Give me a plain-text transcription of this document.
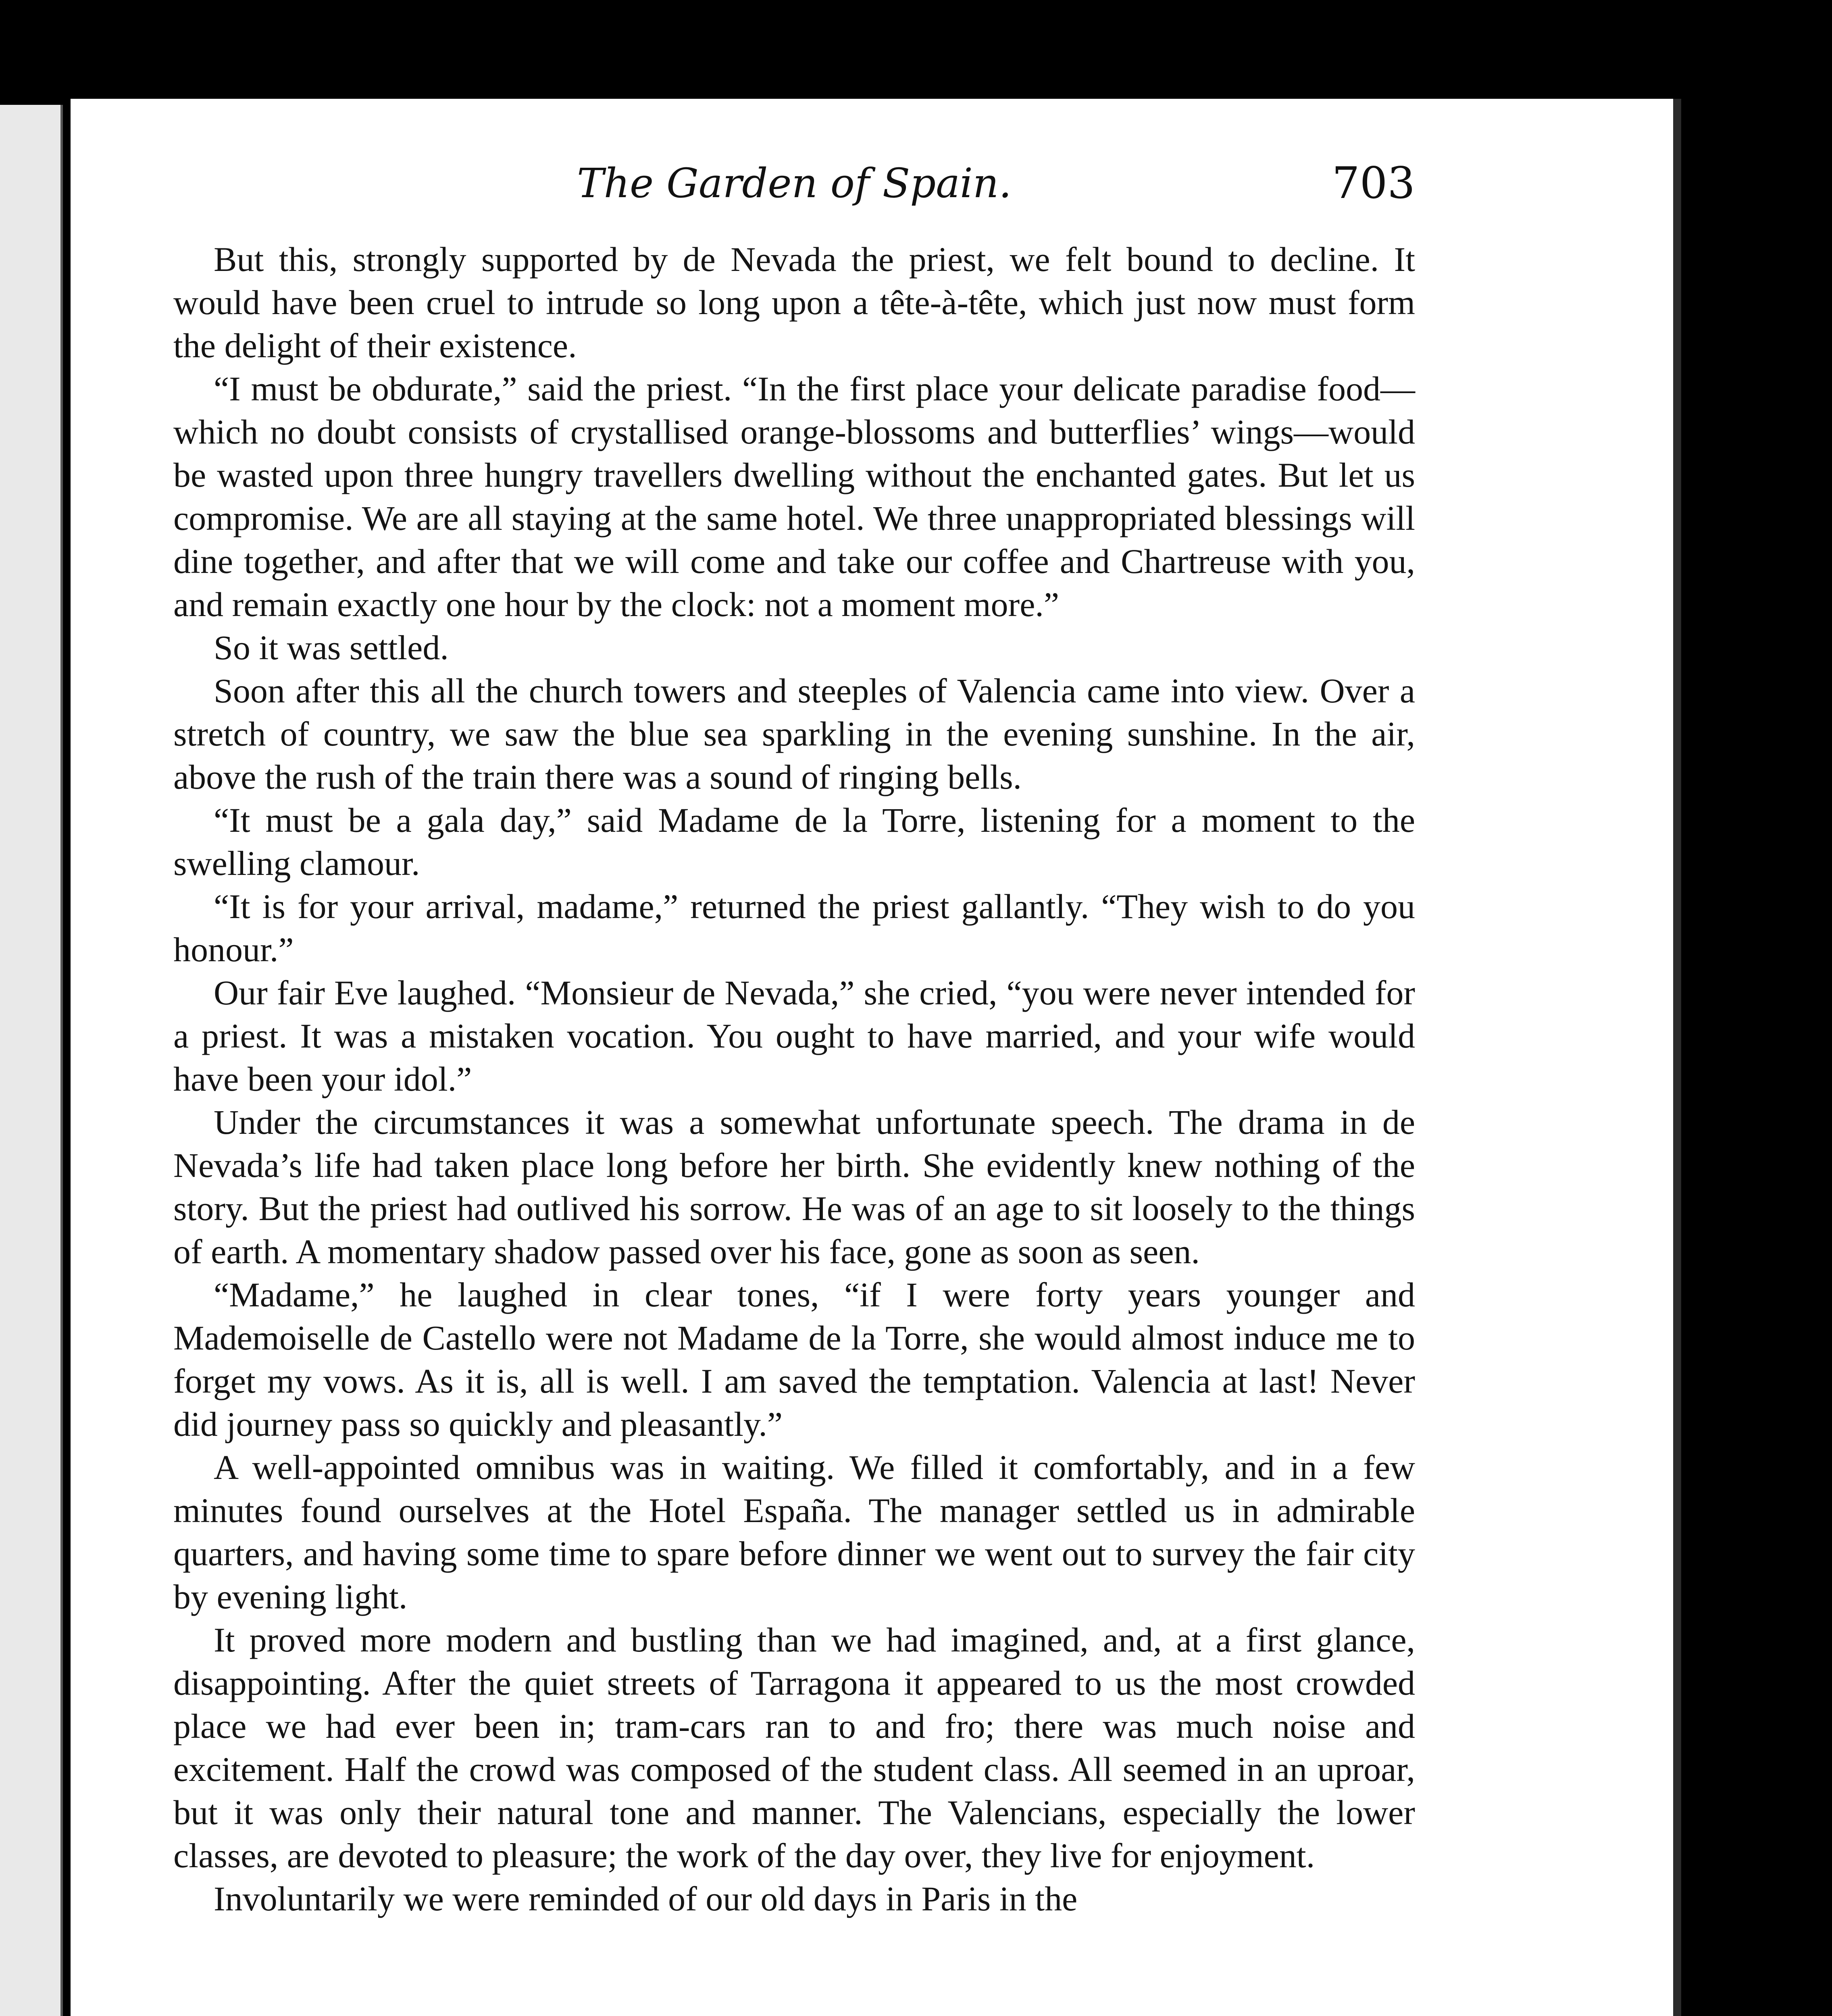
The Garden of Spain.	703

But this, strongly supported by de Nevada the priest, we felt bound to decline. It would have been cruel to intrude so long upon a tête-à-tête, which just now must form the delight of their existence.

“I must be obdurate,” said the priest. “In the first place your delicate paradise food—which no doubt consists of crystallised orange-blossoms and butterflies’ wings—would be wasted upon three hungry travellers dwelling without the enchanted gates. But let us compromise. We are all staying at the same hotel. We three unappropriated blessings will dine together, and after that we will come and take our coffee and Chartreuse with you, and remain exactly one hour by the clock: not a moment more.”

So it was settled.

Soon after this all the church towers and steeples of Valencia came into view. Over a stretch of country, we saw the blue sea sparkling in the evening sunshine. In the air, above the rush of the train there was a sound of ringing bells.

“It must be a gala day,” said Madame de la Torre, listening for a moment to the swelling clamour.

“It is for your arrival, madame,” returned the priest gallantly. “They wish to do you honour.”

Our fair Eve laughed. “Monsieur de Nevada,” she cried, “you were never intended for a priest. It was a mistaken vocation. You ought to have married, and your wife would have been your idol.”

Under the circumstances it was a somewhat unfortunate speech. The drama in de Nevada’s life had taken place long before her birth. She evidently knew nothing of the story. But the priest had outlived his sorrow. He was of an age to sit loosely to the things of earth. A momentary shadow passed over his face, gone as soon as seen.

“Madame,” he laughed in clear tones, “if I were forty years younger and Mademoiselle de Castello were not Madame de la Torre, she would almost induce me to forget my vows. As it is, all is well. I am saved the temptation. Valencia at last! Never did journey pass so quickly and pleasantly.”

A well-appointed omnibus was in waiting. We filled it comfortably, and in a few minutes found ourselves at the Hotel España. The manager settled us in admirable quarters, and having some time to spare before dinner we went out to survey the fair city by evening light.

It proved more modern and bustling than we had imagined, and, at a first glance, disappointing. After the quiet streets of Tarragona it appeared to us the most crowded place we had ever been in; tram-cars ran to and fro; there was much noise and excitement. Half the crowd was composed of the student class. All seemed in an uproar, but it was only their natural tone and manner. The Valencians, especially the lower classes, are devoted to pleasure; the work of the day over, they live for enjoyment.

Involuntarily we were reminded of our old days in Paris in the
